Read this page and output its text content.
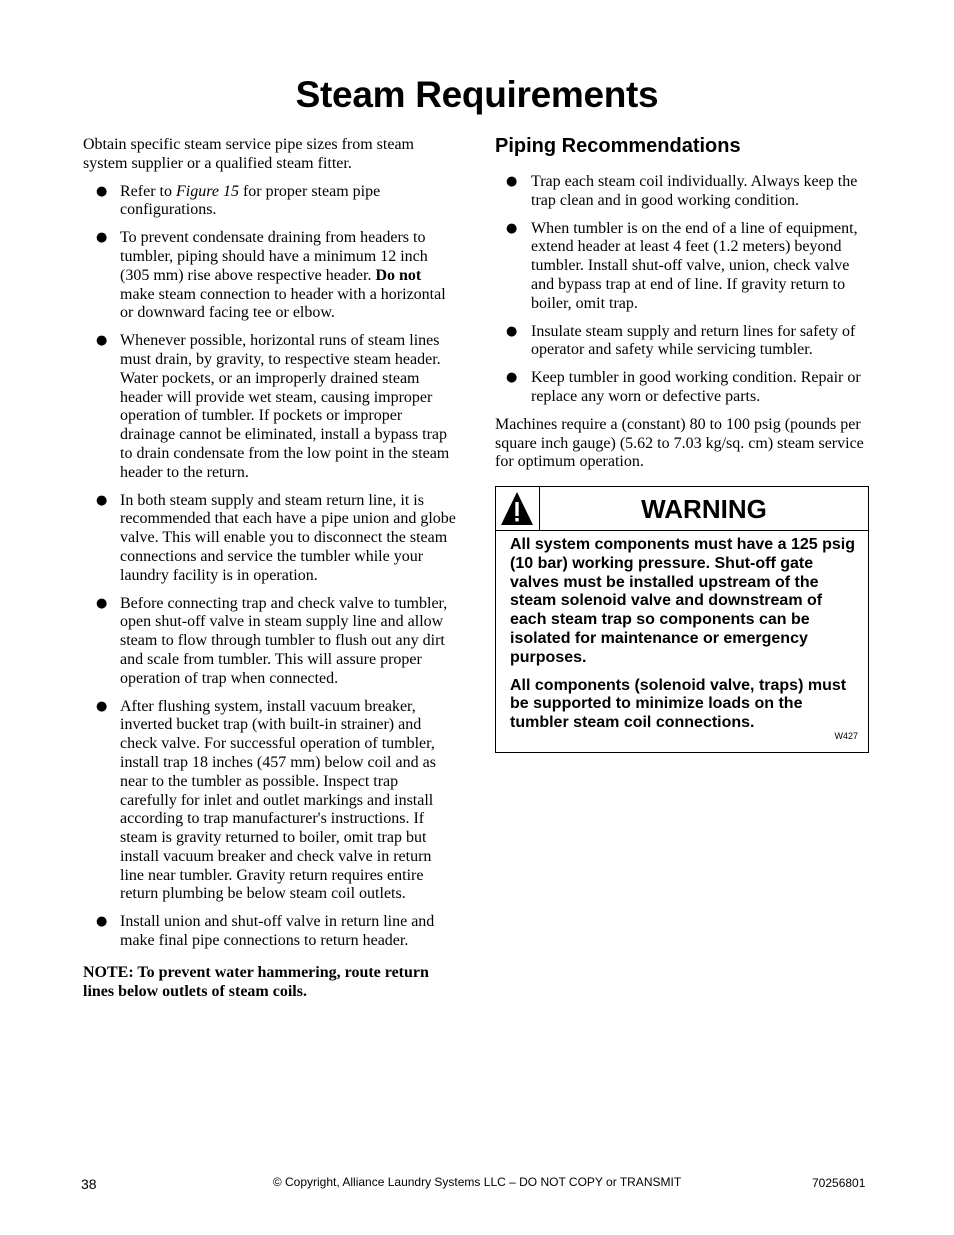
Steam Requirements

Obtain specific steam service pipe sizes from steam system supplier or a qualified steam fitter.

● Refer to Figure 15 for proper steam pipe configurations.
● To prevent condensate draining from headers to tumbler, piping should have a minimum 12 inch (305 mm) rise above respective header. Do not make steam connection to header with a horizontal or downward facing tee or elbow.
● Whenever possible, horizontal runs of steam lines must drain, by gravity, to respective steam header. Water pockets, or an improperly drained steam header will provide wet steam, causing improper operation of tumbler. If pockets or improper drainage cannot be eliminated, install a bypass trap to drain condensate from the low point in the steam header to the return.
● In both steam supply and steam return line, it is recommended that each have a pipe union and globe valve. This will enable you to disconnect the steam connections and service the tumbler while your laundry facility is in operation.
● Before connecting trap and check valve to tumbler, open shut-off valve in steam supply line and allow steam to flow through tumbler to flush out any dirt and scale from tumbler. This will assure proper operation of trap when connected.
● After flushing system, install vacuum breaker, inverted bucket trap (with built-in strainer) and check valve. For successful operation of tumbler, install trap 18 inches (457 mm) below coil and as near to the tumbler as possible. Inspect trap carefully for inlet and outlet markings and install according to trap manufacturer's instructions. If steam is gravity returned to boiler, omit trap but install vacuum breaker and check valve in return line near tumbler. Gravity return requires entire return plumbing be below steam coil outlets.
● Install union and shut-off valve in return line and make final pipe connections to return header.

NOTE: To prevent water hammering, route return lines below outlets of steam coils.

Piping Recommendations
● Trap each steam coil individually. Always keep the trap clean and in good working condition.
● When tumbler is on the end of a line of equipment, extend header at least 4 feet (1.2 meters) beyond tumbler. Install shut-off valve, union, check valve and bypass trap at end of line. If gravity return to boiler, omit trap.
● Insulate steam supply and return lines for safety of operator and safety while servicing tumbler.
● Keep tumbler in good working condition. Repair or replace any worn or defective parts.

Machines require a (constant) 80 to 100 psig (pounds per square inch gauge) (5.62 to 7.03 kg/sq. cm) steam service for optimum operation.

WARNING

All system components must have a 125 psig (10 bar) working pressure. Shut-off gate valves must be installed upstream of the steam solenoid valve and downstream of each steam trap so components can be isolated for maintenance or emergency purposes.

All components (solenoid valve, traps) must be supported to minimize loads on the tumbler steam coil connections.

W427
38	© Copyright, Alliance Laundry Systems LLC – DO NOT COPY or TRANSMIT	70256801
